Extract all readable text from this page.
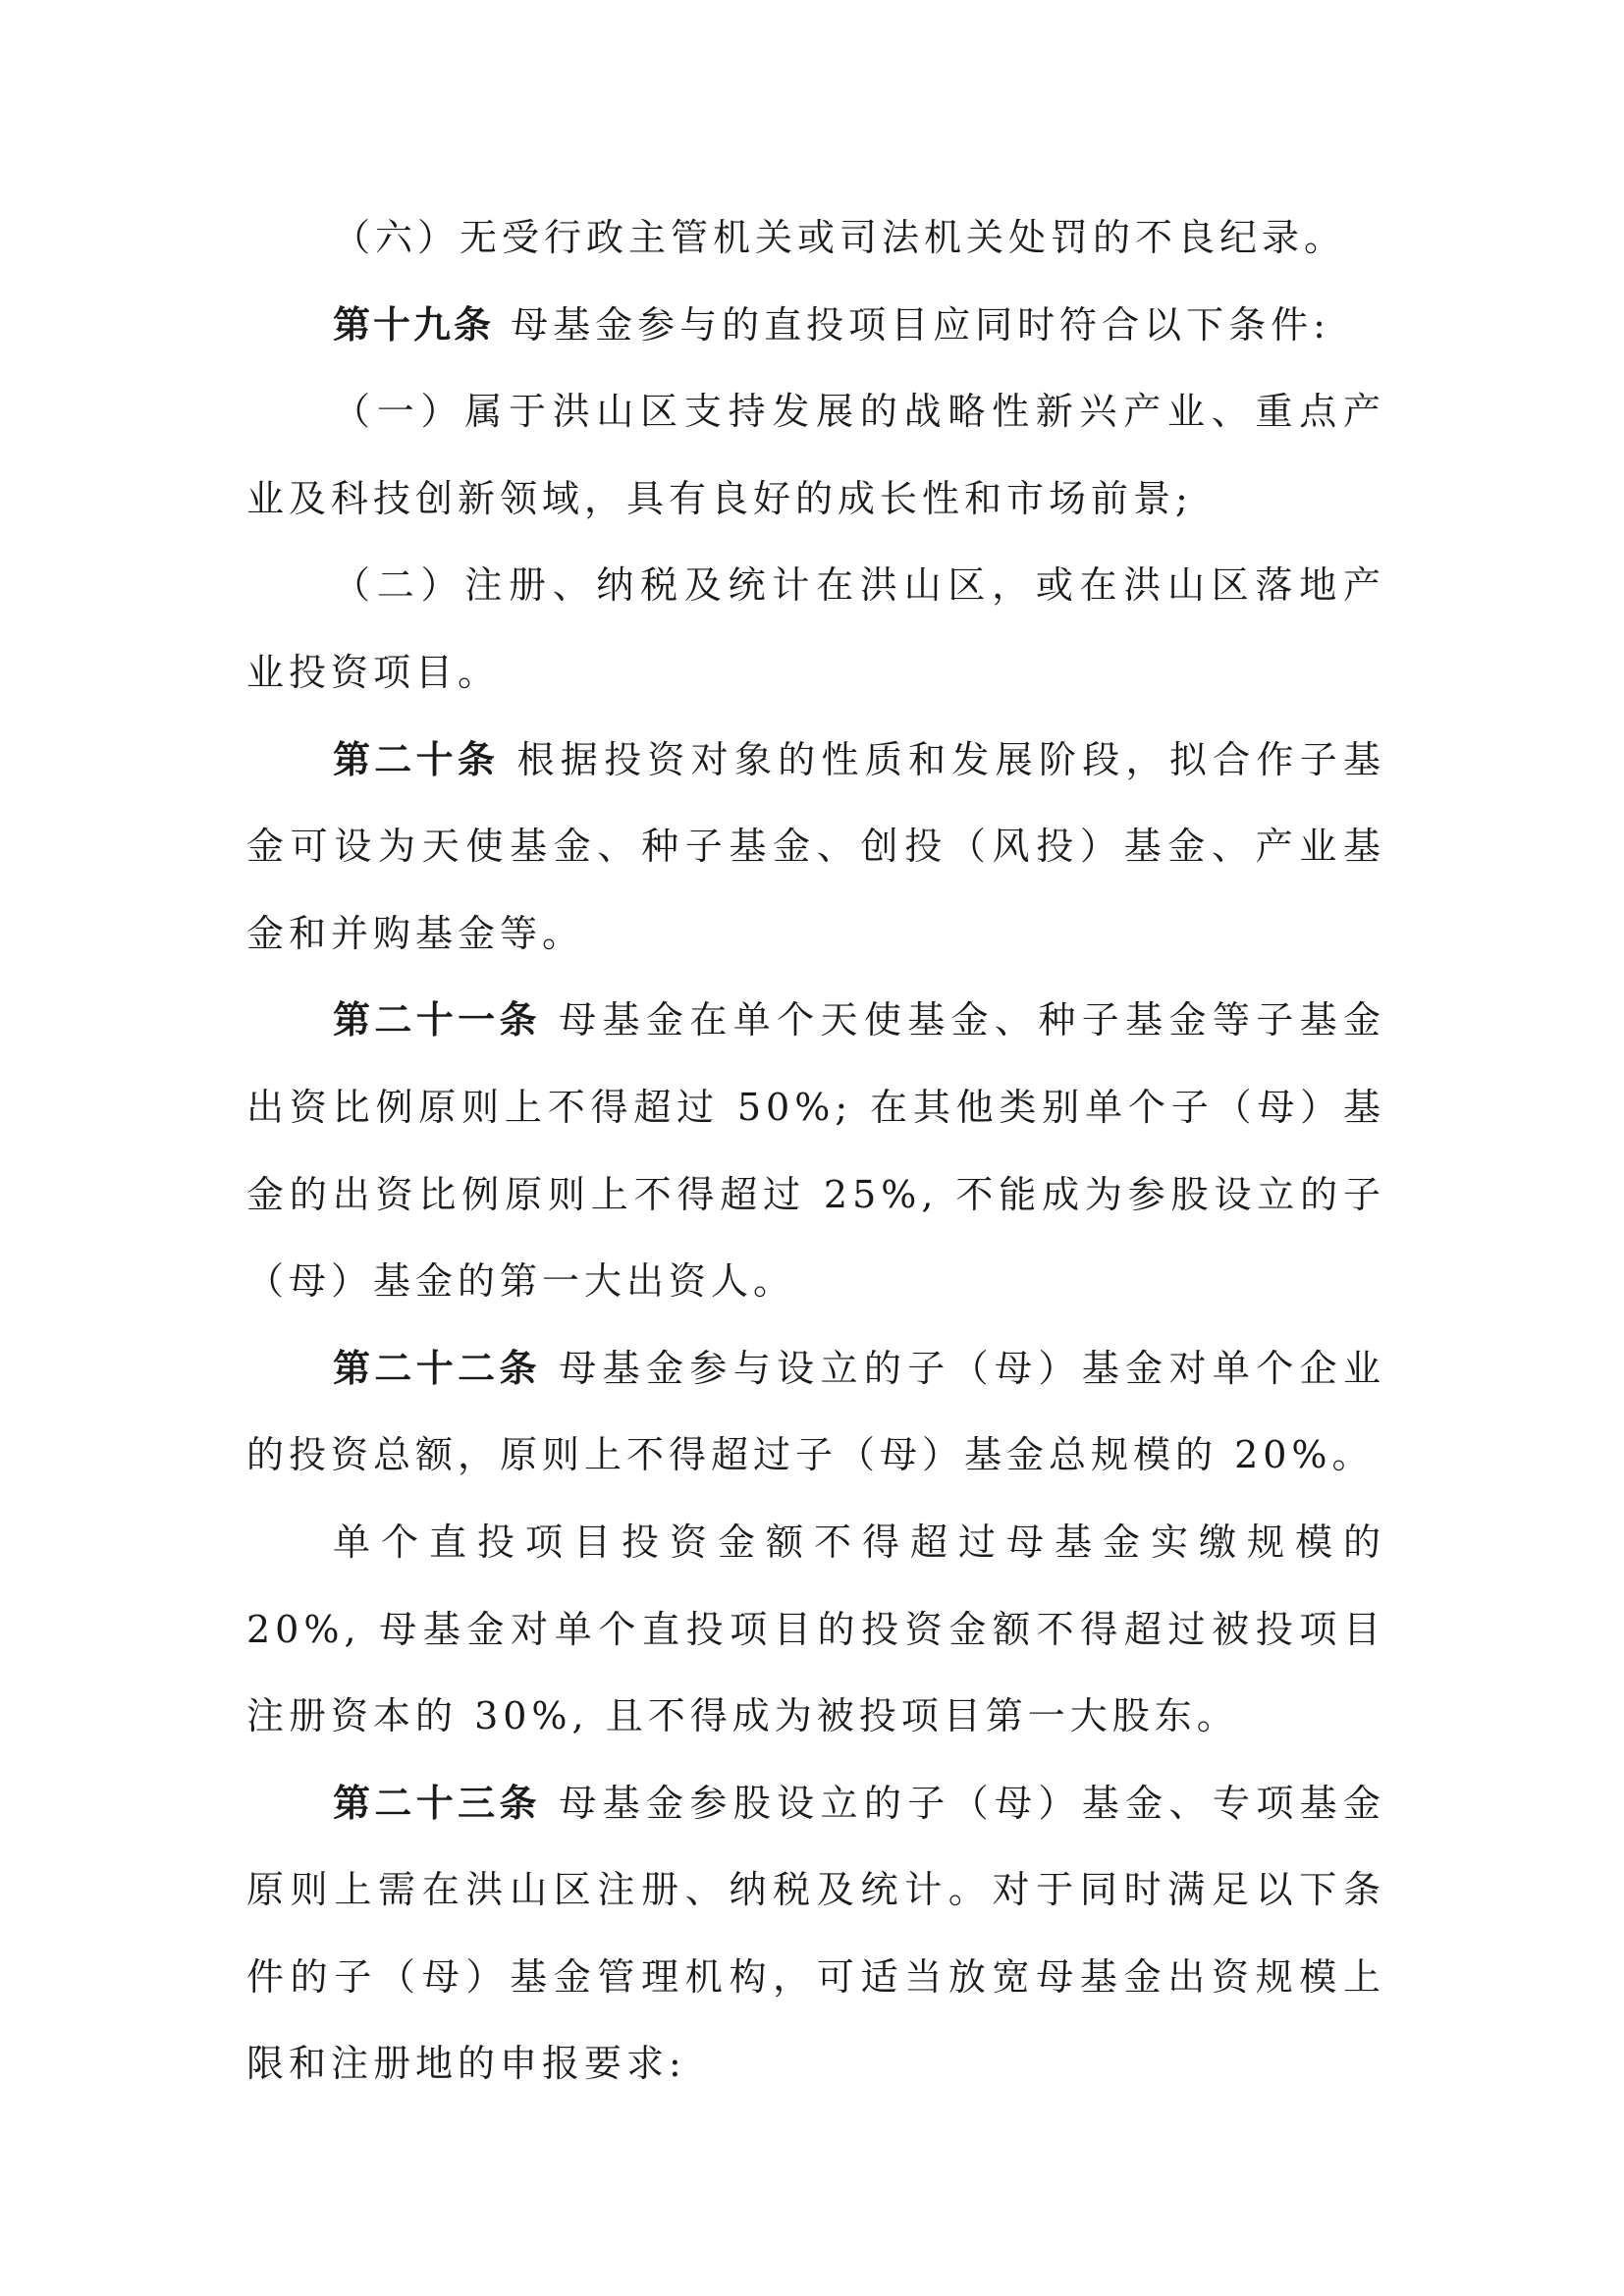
（六）无受行政主管机关或司法机关处罚的不良纪录。

第十九条 母基金参与的直投项目应同时符合以下条件:

（一）属于洪山区支持发展的战略性新兴产业、重点产业及科技创新领域，具有良好的成长性和市场前景;

（二）注册、纳税及统计在洪山区，或在洪山区落地产业投资项目。

第二十条 根据投资对象的性质和发展阶段，拟合作子基金可设为天使基金、种子基金、创投（风投）基金、产业基金和并购基金等。

第二十一条 母基金在单个天使基金、种子基金等子基金出资比例原则上不得超过 50%; 在其他类别单个子（母）基金的出资比例原则上不得超过 25%, 不能成为参股设立的子（母）基金的第一大出资人。

第二十二条 母基金参与设立的子（母）基金对单个企业的投资总额，原则上不得超过子（母）基金总规模的 20%。

单个直投项目投资金额不得超过母基金实缴规模的 20%, 母基金对单个直投项目的投资金额不得超过被投项目注册资本的 30%, 且不得成为被投项目第一大股东。

第二十三条 母基金参股设立的子（母）基金、专项基金原则上需在洪山区注册、纳税及统计。对于同时满足以下条件的子（母）基金管理机构，可适当放宽母基金出资规模上限和注册地的申报要求:
